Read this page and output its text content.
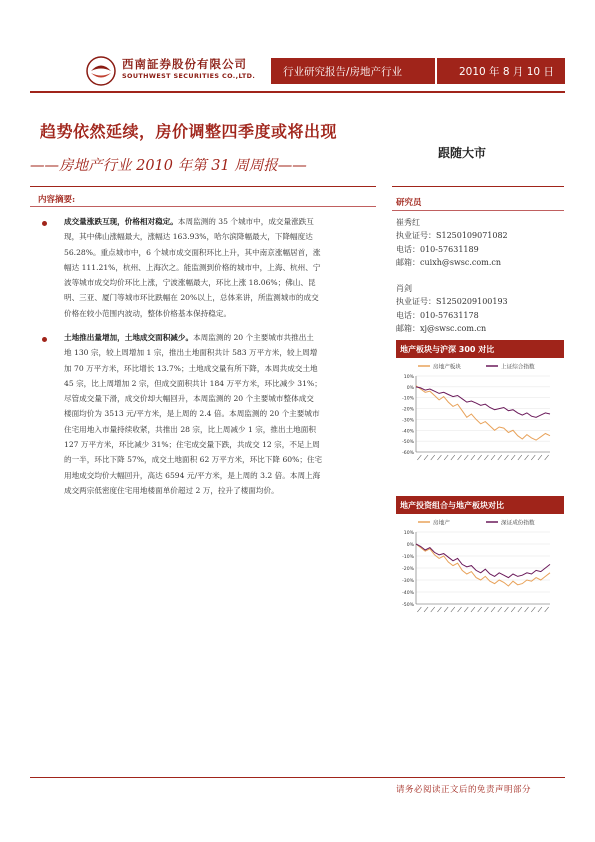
西南証券股份有限公司
SOUTHWEST SECURITIES CO.,LTD.	行业研究报告/房地产行业	2010 年 8 月 10 日
趋势依然延续，房价调整四季度或将出现
——房地产行业 2010 年第 31 周周报——
跟随大市
内容摘要:
成交量涨跌互现，价格相对稳定。本周监测的 35 个城市中，成交量涨跌互
现，其中佛山涨幅最大，涨幅达 163.93%，哈尔滨降幅最大，下降幅度达
56.28%。重点城市中，6 个城市成交面积环比上升，其中南京涨幅居首，涨
幅达 111.21%，杭州、上海次之。能监测到价格的城市中，上海、杭州、宁
波等城市成交均价环比上涨，宁波涨幅最大，环比上涨 18.06%；佛山、昆
明、三亚、厦门等城市环比跌幅在 20%以上，总体来讲，所监测城市的成交
价格在较小范围内波动，整体价格基本保持稳定。
土地推出量增加，土地成交面积减少。本周监测的 20 个主要城市共推出土
地 130 宗，较上周增加 1 宗，推出土地面积共计 583 万平方米，较上周增
加 70 万平方米，环比增长 13.7%；土地成交量有所下降，本周共成交土地
45 宗，比上周增加 2 宗，但成交面积共计 184 万平方米，环比减少 31%；
尽管成交量下滑，成交价却大幅回升，本周监测的 20 个主要城市整体成交
楼面均价为 3513 元/平方米，是上周的 2.4 倍。本周监测的 20 个主要城市
住宅用地入市量持续收紧，共推出 28 宗，比上周减少 1 宗，推出土地面积
127 万平方米，环比减少 31%；住宅成交量下跌，共成交 12 宗，不足上周
的一半，环比下降 57%，成交土地面积 62 万平方米，环比下降 60%；住宅
用地成交均价大幅回升，高达 6594 元/平方米，是上周的 3.2 倍。本周上海
成交两宗低密度住宅用地楼面单价超过 2 万，拉升了楼面均价。
研究员
崔秀红
执业证号：S1250109071082
电话：010-57631189
邮箱：cuixh@swsc.com.cn
肖剑
执业证号：S1250209100193
电话：010-57631178
邮箱：xj@swsc.com.cn
地产板块与沪深 300 对比
房地产板块	上证综合指数
10%
0%
-10%
-20%
-30%
-40%
-50%
-60%
地产投资组合与地产板块对比
房地产	深证成份指数
10%
0%
-10%
-20%
-30%
-40%
-50%
请务必阅读正文后的免责声明部分
